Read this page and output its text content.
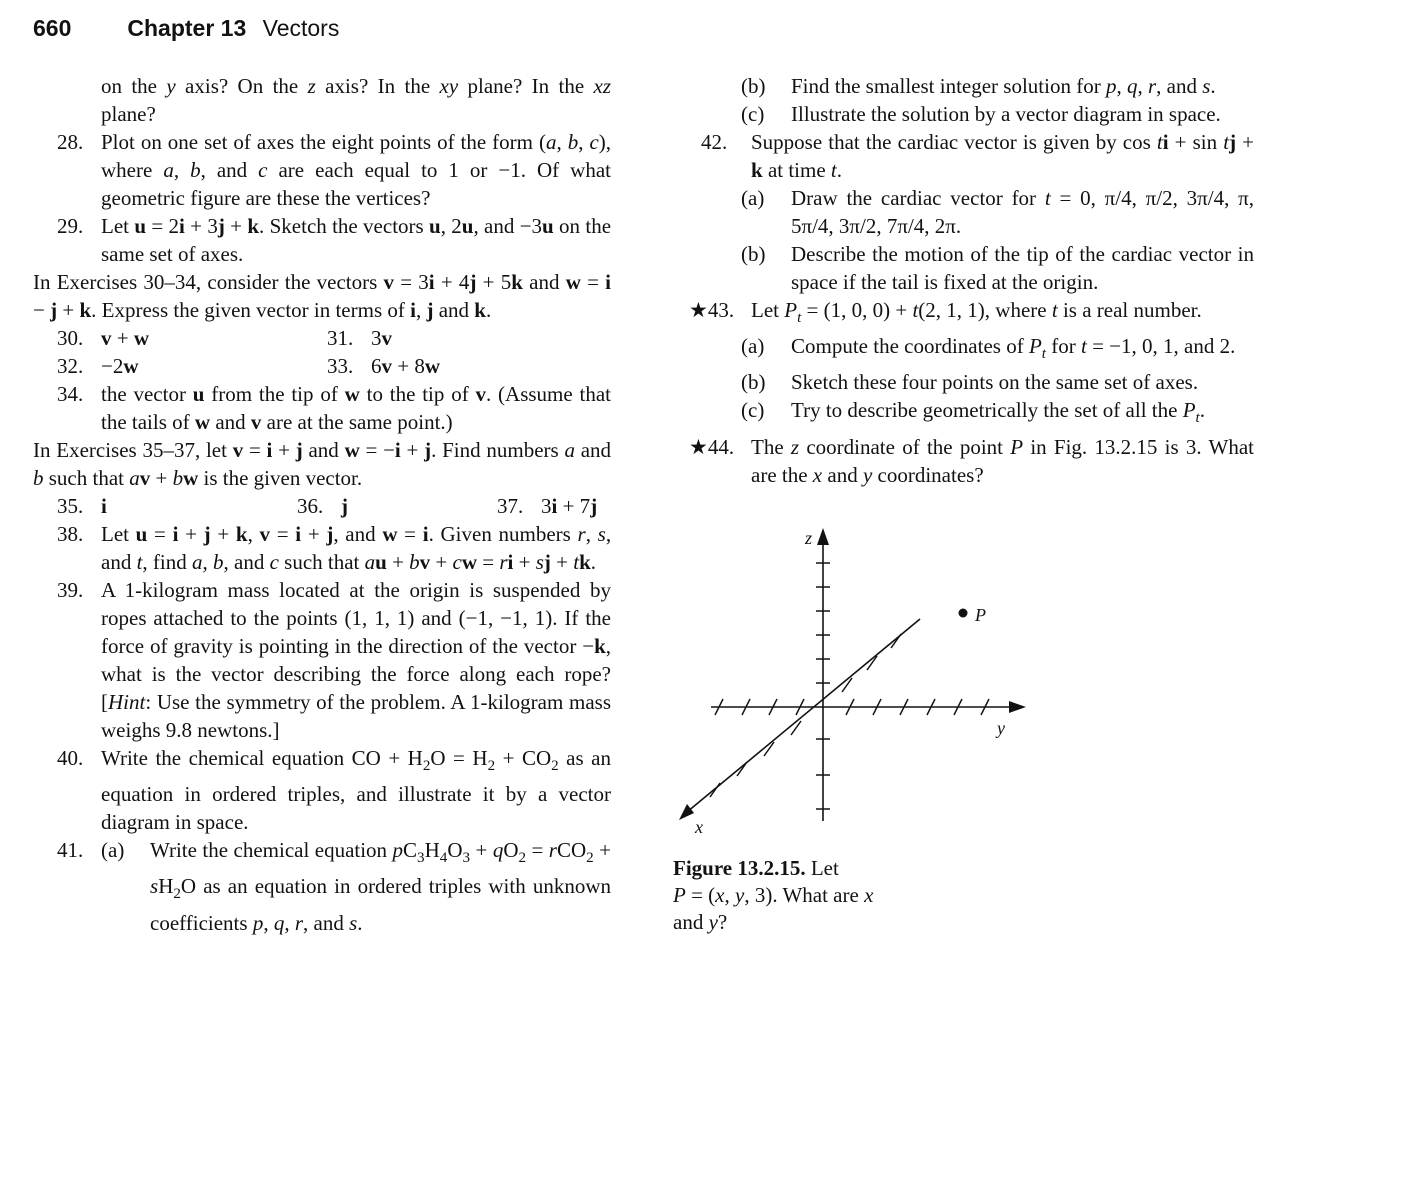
660 Chapter 13 Vectors
on the y axis? On the z axis? In the xy plane? In the xz plane?
28. Plot on one set of axes the eight points of the form (a, b, c), where a, b, and c are each equal to 1 or −1. Of what geometric figure are these the vertices?
29. Let u = 2i + 3j + k. Sketch the vectors u, 2u, and −3u on the same set of axes.
In Exercises 30–34, consider the vectors v = 3i + 4j + 5k and w = i − j + k. Express the given vector in terms of i, j and k.
30. v + w	31. 3v
32. −2w	33. 6v + 8w
34. the vector u from the tip of w to the tip of v. (Assume that the tails of w and v are at the same point.)
In Exercises 35–37, let v = i + j and w = −i + j. Find numbers a and b such that av + bw is the given vector.
35. i	36. j	37. 3i + 7j
38. Let u = i + j + k, v = i + j, and w = i. Given numbers r, s, and t, find a, b, and c such that au + bv + cw = ri + sj + tk.
39. A 1-kilogram mass located at the origin is suspended by ropes attached to the points (1, 1, 1) and (−1, −1, 1). If the force of gravity is pointing in the direction of the vector −k, what is the vector describing the force along each rope? [Hint: Use the symmetry of the problem. A 1-kilogram mass weighs 9.8 newtons.]
40. Write the chemical equation CO + $H_2O = H_2 + CO_2$ as an equation in ordered triples, and illustrate it by a vector diagram in space.
41. (a)	Write the chemical equation $pC_3H_4O_3 + qO_2 = rCO_2 + sH_2O$ as an equation in ordered triples with unknown coefficients p, q, r, and s.
(b)	Find the smallest integer solution for p, q, r, and s.
(c)	Illustrate the solution by a vector diagram in space.
42.	Suppose that the cardiac vector is given by cos ti + sin tj + k at time t.
(a)	Draw the cardiac vector for t = 0, π/4, π/2, 3π/4, π, 5π/4, 3π/2, 7π/4, 2π.
(b)	Describe the motion of the tip of the cardiac vector in space if the tail is fixed at the origin.
★43. Let $P_t = (1$, 0, 0) + t(2, 1, 1), where t is a real number.
(a)	Compute the coordinates of $P_t$ for t = −1, 0, 1, and 2.
(b)	Sketch these four points on the same set of axes.
(c)	Try to describe geometrically the set of all the $P_t$.
★44. The z coordinate of the point P in Fig. 13.2.15 is 3. What are the x and y coordinates?
z
y
x
P
Figure 13.2.15. Let
P = (x, y, 3). What are x
and y?
